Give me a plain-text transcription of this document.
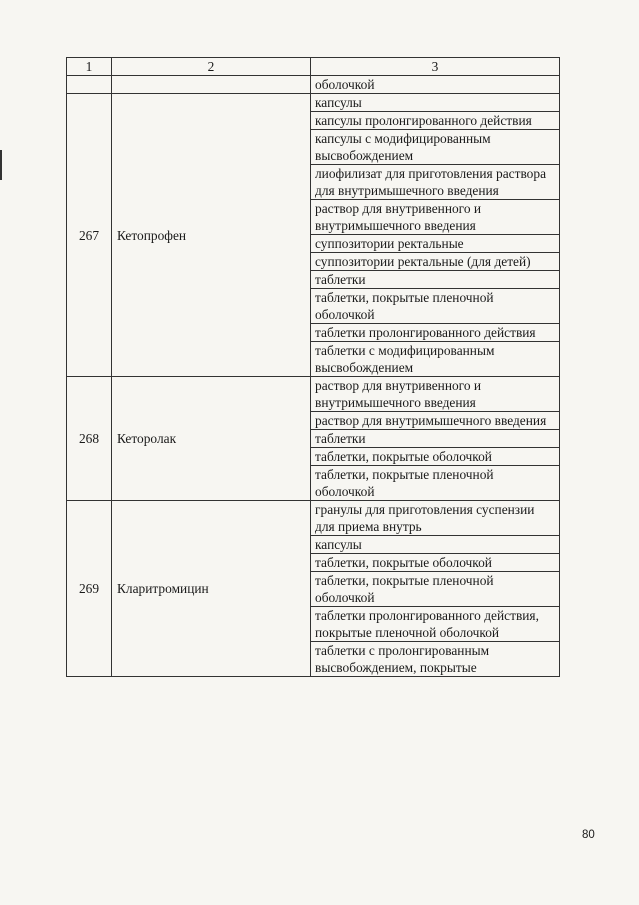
1	2	3
		оболочкой
267	Кетопрофен	капсулы
		капсулы пролонгированного действия
		капсулы с модифицированным высвобождением
		лиофилизат для приготовления раствора для внутримышечного введения
		раствор для внутривенного и внутримышечного введения
		суппозитории ректальные
		суппозитории ректальные (для детей)
		таблетки
		таблетки, покрытые пленочной оболочкой
		таблетки пролонгированного действия
		таблетки с модифицированным высвобождением
268	Кеторолак	раствор для внутривенного и внутримышечного введения
		раствор для внутримышечного введения
		таблетки
		таблетки, покрытые оболочкой
		таблетки, покрытые пленочной оболочкой
269	Кларитромицин	гранулы для приготовления суспензии для приема внутрь
		капсулы
		таблетки, покрытые оболочкой
		таблетки, покрытые пленочной оболочкой
		таблетки пролонгированного действия, покрытые пленочной оболочкой
		таблетки с пролонгированным высвобождением, покрытые
80
